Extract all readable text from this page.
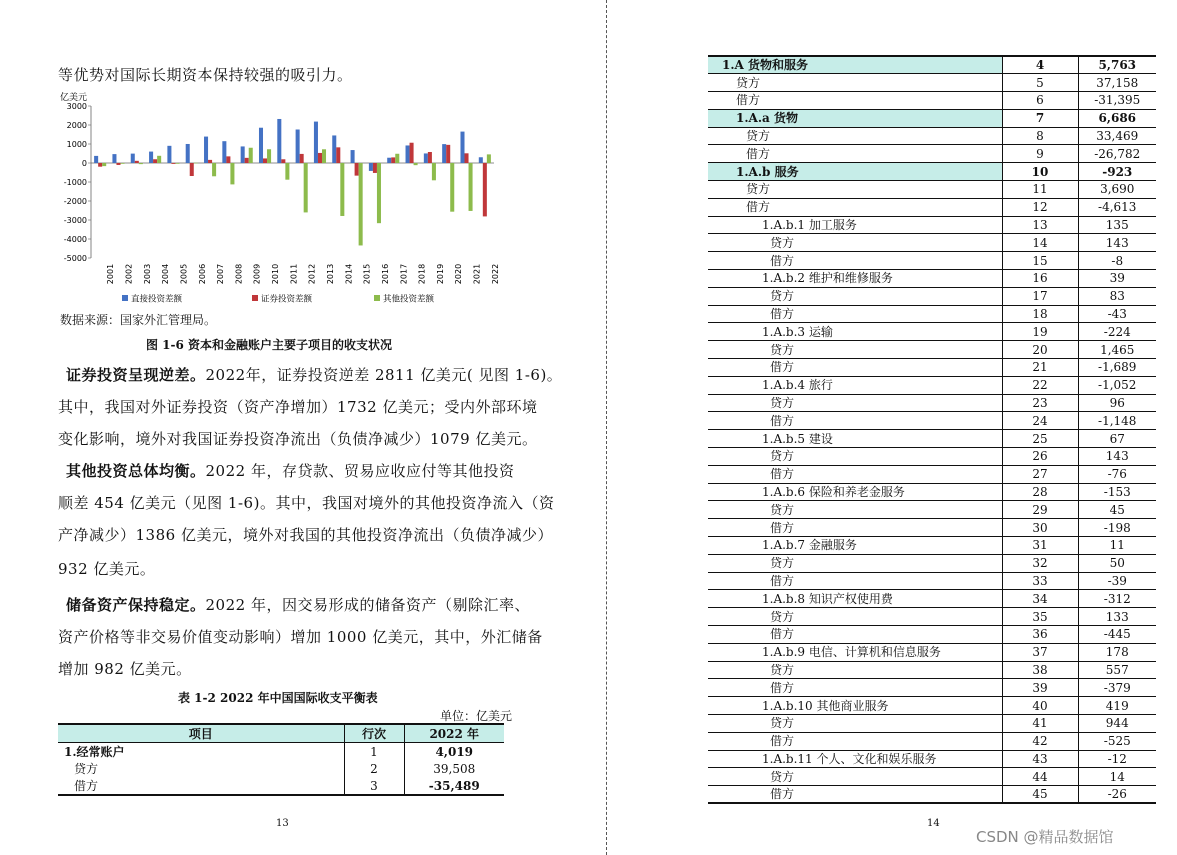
等优势对国际长期资本保持较强的吸引力。
证券投资呈现逆差。2022年，证券投资逆差 2811 亿美元( 见图 1-6)。
其中，我国对外证券投资（资产净增加）1732 亿美元；受内外部环境
变化影响，境外对我国证券投资净流出（负债净减少）1079 亿美元。
其他投资总体均衡。2022 年，存贷款、贸易应收应付等其他投资
顺差 454 亿美元（见图 1-6)。其中，我国对境外的其他投资净流入（资
产净减少）1386 亿美元，境外对我国的其他投资净流出（负债净减少）
932 亿美元。
储备资产保持稳定。2022 年，因交易形成的储备资产（剔除汇率、
资产价格等非交易价值变动影响）增加 1000 亿美元，其中，外汇储备
增加 982 亿美元。
亿美元
3000
2000
1000
0
-1000
-2000
-3000
-4000
-5000
2001 2002 2003 2004 2005 2006 2007 2008 2009 2010 2011 2012 2013 2014 2015 2016 2017 2018 2019 2020 2021 2022
直接投资差额	证券投资差额	其他投资差额
数据来源：国家外汇管理局。
图 1-6 资本和金融账户主要子项目的收支状况
表 1-2 2022 年中国国际收支平衡表
单位：亿美元
项目	行次	2022 年
1.经常账户	1	4,019
贷方	2	39,508
借方	3	-35,489
13
1.A 货物和服务	4	5,763
贷方	5	37,158
借方	6	-31,395
1.A.a 货物	7	6,686
贷方	8	33,469
借方	9	-26,782
1.A.b 服务	10	-923
贷方	11	3,690
借方	12	-4,613
1.A.b.1 加工服务	13	135
贷方	14	143
借方	15	-8
1.A.b.2 维护和维修服务	16	39
贷方	17	83
借方	18	-43
1.A.b.3 运输	19	-224
贷方	20	1,465
借方	21	-1,689
1.A.b.4 旅行	22	-1,052
贷方	23	96
借方	24	-1,148
1.A.b.5 建设	25	67
贷方	26	143
借方	27	-76
1.A.b.6 保险和养老金服务	28	-153
贷方	29	45
借方	30	-198
1.A.b.7 金融服务	31	11
贷方	32	50
借方	33	-39
1.A.b.8 知识产权使用费	34	-312
贷方	35	133
借方	36	-445
1.A.b.9 电信、计算机和信息服务	37	178
贷方	38	557
借方	39	-379
1.A.b.10 其他商业服务	40	419
贷方	41	944
借方	42	-525
1.A.b.11 个人、文化和娱乐服务	43	-12
贷方	44	14
借方	45	-26
14
CSDN @精品数据馆
